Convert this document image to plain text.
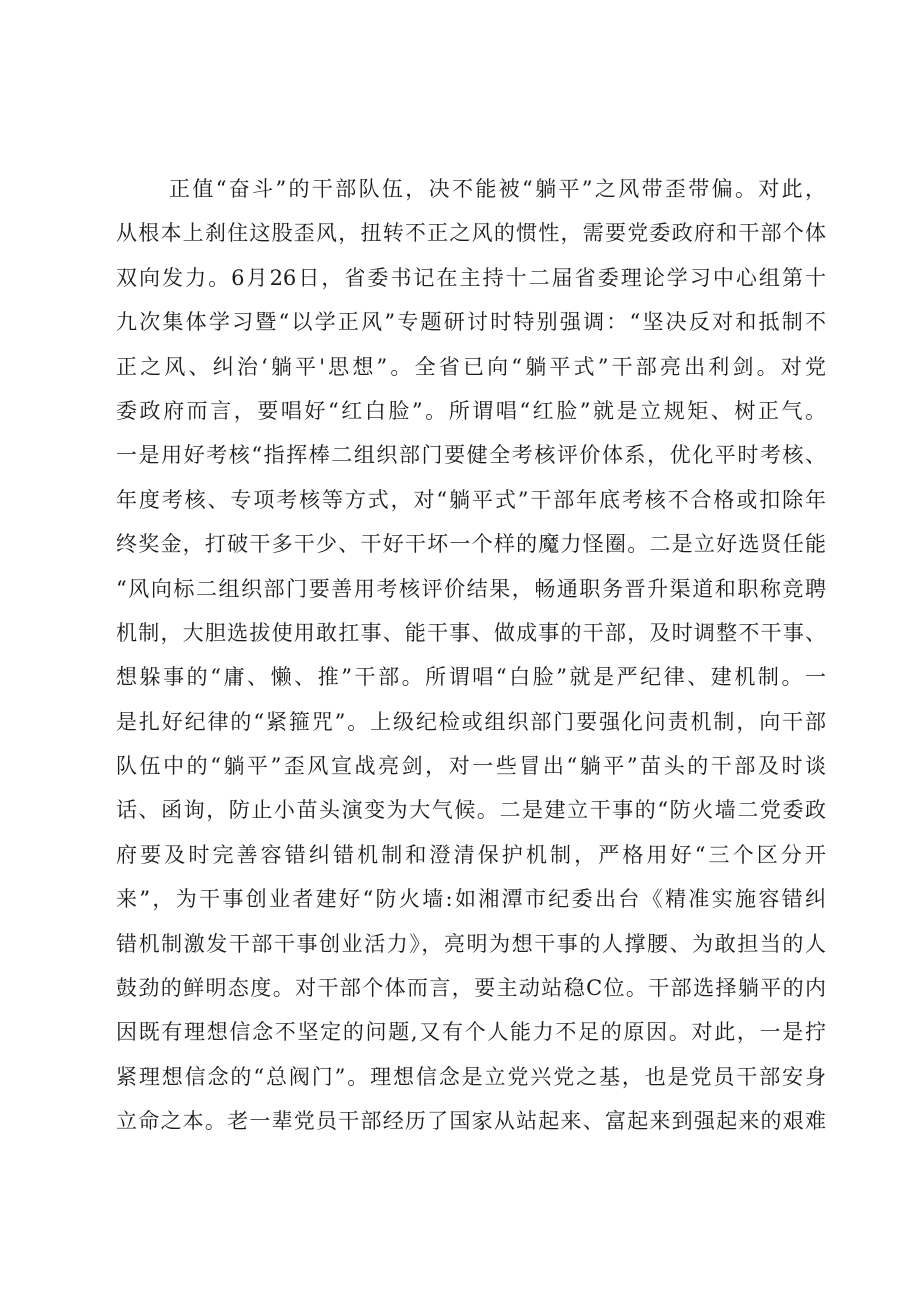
正值“奋斗”的干部队伍，决不能被“躺平”之风带歪带偏。对此，
从根本上刹住这股歪风，扭转不正之风的惯性，需要党委政府和干部个体
双向发力。6月26日，省委书记在主持十二届省委理论学习中心组第十
九次集体学习暨“以学正风”专题研讨时特别强调：“坚决反对和抵制不
正之风、纠治‘躺平'思想”。全省已向“躺平式”干部亮出利剑。对党
委政府而言，要唱好“红白脸”。所谓唱“红脸”就是立规矩、树正气。
一是用好考核“指挥棒二组织部门要健全考核评价体系，优化平时考核、
年度考核、专项考核等方式，对“躺平式”干部年底考核不合格或扣除年
终奖金，打破干多干少、干好干坏一个样的魔力怪圈。二是立好选贤任能
“风向标二组织部门要善用考核评价结果，畅通职务晋升渠道和职称竞聘
机制，大胆选拔使用敢扛事、能干事、做成事的干部，及时调整不干事、
想躲事的“庸、懒、推”干部。所谓唱“白脸”就是严纪律、建机制。一
是扎好纪律的“紧箍咒”。上级纪检或组织部门要强化问责机制，向干部
队伍中的“躺平”歪风宣战亮剑，对一些冒出“躺平”苗头的干部及时谈
话、函询，防止小苗头演变为大气候。二是建立干事的“防火墙二党委政
府要及时完善容错纠错机制和澄清保护机制，严格用好“三个区分开
来”，为干事创业者建好“防火墙:如湘潭市纪委出台《精准实施容错纠
错机制激发干部干事创业活力》，亮明为想干事的人撑腰、为敢担当的人
鼓劲的鲜明态度。对干部个体而言，要主动站稳C位。干部选择躺平的内
因既有理想信念不坚定的问题,又有个人能力不足的原因。对此，一是拧
紧理想信念的“总阀门”。理想信念是立党兴党之基，也是党员干部安身
立命之本。老一辈党员干部经历了国家从站起来、富起来到强起来的艰难
